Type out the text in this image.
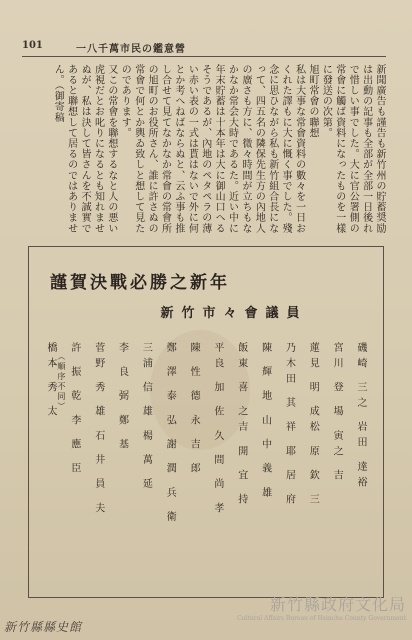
101	一八千萬市民の鑑意營

新聞廣告も謹告も新竹州の貯蓄奨励は出動の記事も全部が全部一日後れで惜しい事でした。大に官公署側の常會に觸ば資料になったものを一樣に發送の次第。

旭町常會の聯想

私は大事な常會資料の數々を一日おくれた譯もに大に慨く事でした。殘念に思ひながら私も新竹組合長になって、四五名の隣保先生方の內地人の廣さも方に、微々時間が立ちもなかなか常会大時であるた。近い中に年末貯蓄は十本年は大に御山口へるそうであるが、內地のペタペラの薄い赤い表の一式は貰はないで外に何とか考へねばならぬと、云ふ事も推し合せて見てなかなか常會の常會所の旭町のお役所さん、誰に許さぬの常會で何とか輿ゐ致しと想して見たのであります。

又この常會を聯想するなと人の悪い虎視だとお叱りになるとも知れませぬが、私は決して皆さんを不誠實であると聯想して居るのではありません。（御寄稿

謹賀決戰必勝之新年
新竹市々會議員
磯崎 三之 岩田 達裕
宮川 登 場 寅之 吉
蓮見 明 成松 原 欽 三
乃木田 其 祥 耶 居 府
陳 輝 地 山 中 義 雄
飯東 喜 之吉 開 宜 持
平良 加 佐 久 間 尚 孝
陳 性 德 永 吉 郎
鄭 澤 泰 弘 謝 潤 兵 衛
三浦 信 雄 楊 萬 延
李 良 弼 鄭 基
菅野 秀 雄 石 井 員 夫
許 振 乾 李 應 臣
（順序不同）
橋本 秀 太
新竹縣縣史館
新竹縣政府文化局
Cultural Affairs Bureau of Hsinchu County Government
